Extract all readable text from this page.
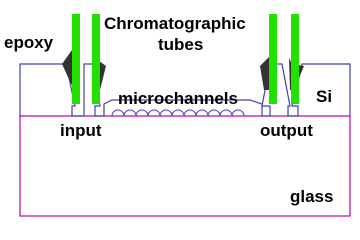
epoxy
Chromatographic
tubes
microchannels	Si
input	output
glass
